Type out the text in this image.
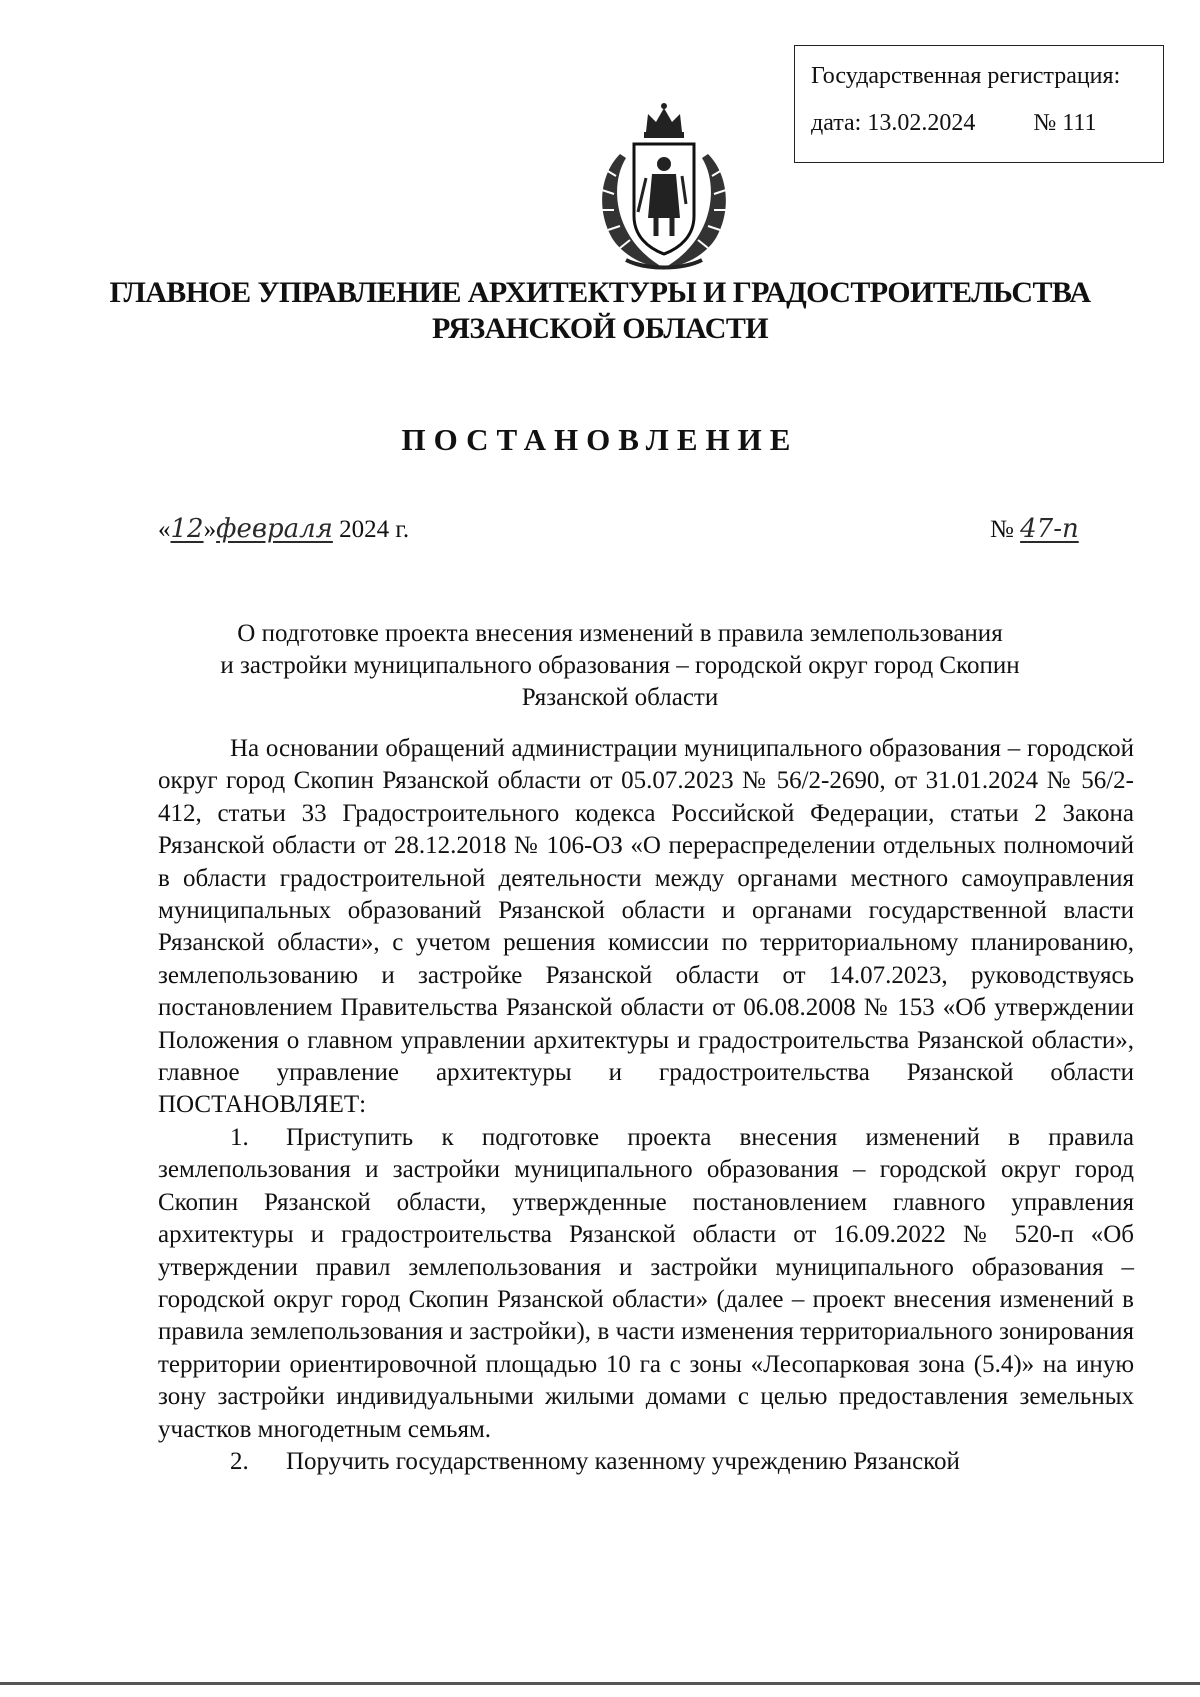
Государственная регистрация:
дата: 13.02.2024 № 111
ГЛАВНОЕ УПРАВЛЕНИЕ АРХИТЕКТУРЫ И ГРАДОСТРОИТЕЛЬСТВА
РЯЗАНСКОЙ ОБЛАСТИ
ПОСТАНОВЛЕНИЕ
«12»февраля 2024 г.	№ 47-п
О подготовке проекта внесения изменений в правила землепользования
и застройки муниципального образования – городской округ город Скопин
Рязанской области

На основании обращений администрации муниципального образования – городской округ город Скопин Рязанской области от 05.07.2023 № 56/2-2690, от 31.01.2024 № 56/2-412, статьи 33 Градостроительного кодекса Российской Федерации, статьи 2 Закона Рязанской области от 28.12.2018 № 106-ОЗ «О перераспределении отдельных полномочий в области градостроительной деятельности между органами местного самоуправления муниципальных образований Рязанской области и органами государственной власти Рязанской области», с учетом решения комиссии по территориальному планированию, землепользованию и застройке Рязанской области от 14.07.2023, руководствуясь постановлением Правительства Рязанской области от 06.08.2008 № 153 «Об утверждении Положения о главном управлении архитектуры и градостроительства Рязанской области», главное управление архитектуры и градостроительства Рязанской области ПОСТАНОВЛЯЕТ:

1. Приступить к подготовке проекта внесения изменений в правила землепользования и застройки муниципального образования – городской округ город Скопин Рязанской области, утвержденные постановлением главного управления архитектуры и градостроительства Рязанской области от 16.09.2022 № 520-п «Об утверждении правил землепользования и застройки муниципального образования – городской округ город Скопин Рязанской области» (далее – проект внесения изменений в правила землепользования и застройки), в части изменения территориального зонирования территории ориентировочной площадью 10 га с зоны «Лесопарковая зона (5.4)» на иную зону застройки индивидуальными жилыми домами с целью предоставления земельных участков многодетным семьям.

2. Поручить государственному казенному учреждению Рязанской
